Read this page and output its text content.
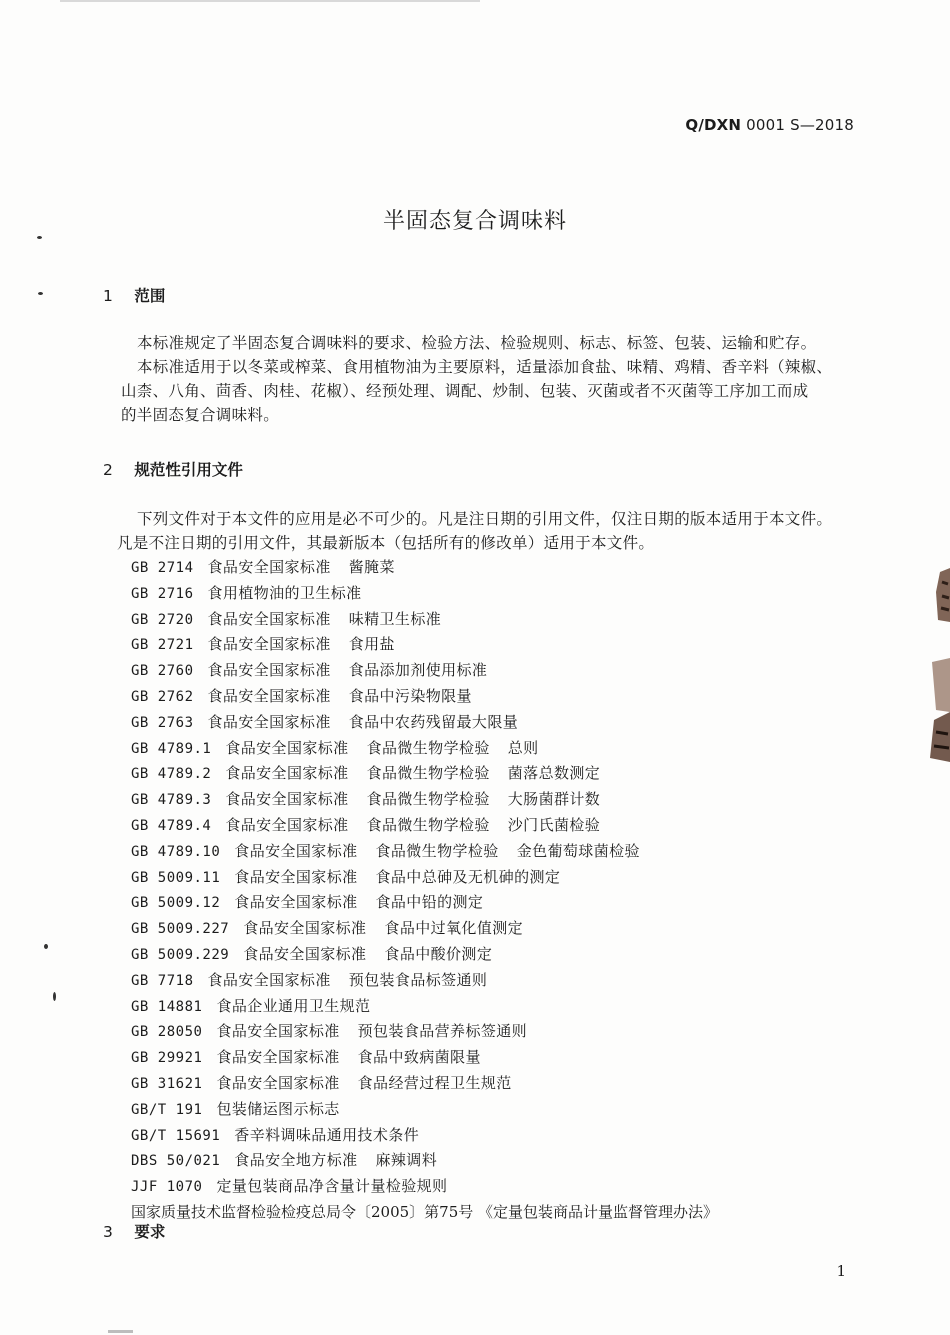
Q/DXN 0001 S—2018
半固态复合调味料
1 范围
本标准规定了半固态复合调味料的要求、检验方法、检验规则、标志、标签、包装、运输和贮存。
本标准适用于以冬菜或榨菜、食用植物油为主要原料，适量添加食盐、味精、鸡精、香辛料（辣椒、
山柰、八角、茴香、肉桂、花椒）、经预处理、调配、炒制、包装、灭菌或者不灭菌等工序加工而成
的半固态复合调味料。
2 规范性引用文件
下列文件对于本文件的应用是必不可少的。凡是注日期的引用文件，仅注日期的版本适用于本文件。
凡是不注日期的引用文件，其最新版本（包括所有的修改单）适用于本文件。
GB 2714 食品安全国家标准 酱腌菜
GB 2716 食用植物油的卫生标准
GB 2720 食品安全国家标准 味精卫生标准
GB 2721 食品安全国家标准 食用盐
GB 2760 食品安全国家标准 食品添加剂使用标准
GB 2762 食品安全国家标准 食品中污染物限量
GB 2763 食品安全国家标准 食品中农药残留最大限量
GB 4789.1 食品安全国家标准 食品微生物学检验 总则
GB 4789.2 食品安全国家标准 食品微生物学检验 菌落总数测定
GB 4789.3 食品安全国家标准 食品微生物学检验 大肠菌群计数
GB 4789.4 食品安全国家标准 食品微生物学检验 沙门氏菌检验
GB 4789.10 食品安全国家标准 食品微生物学检验 金色葡萄球菌检验
GB 5009.11 食品安全国家标准 食品中总砷及无机砷的测定
GB 5009.12 食品安全国家标准 食品中铅的测定
GB 5009.227 食品安全国家标准 食品中过氧化值测定
GB 5009.229 食品安全国家标准 食品中酸价测定
GB 7718 食品安全国家标准 预包装食品标签通则
GB 14881 食品企业通用卫生规范
GB 28050 食品安全国家标准 预包装食品营养标签通则
GB 29921 食品安全国家标准 食品中致病菌限量
GB 31621 食品安全国家标准 食品经营过程卫生规范
GB/T 191 包装储运图示标志
GB/T 15691 香辛料调味品通用技术条件
DBS 50/021 食品安全地方标准 麻辣调料
JJF 1070 定量包装商品净含量计量检验规则
国家质量技术监督检验检疫总局令〔2005〕第75号 《定量包装商品计量监督管理办法》
3 要求
1
